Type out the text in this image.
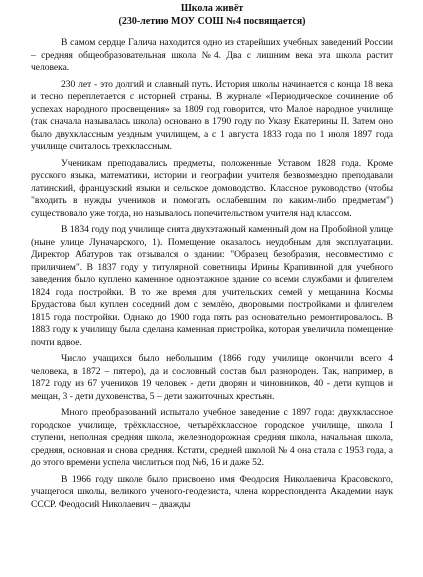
Школа живёт
(230-летию МОУ СОШ №4 посвящается)

В самом сердце Галича находится одно из старейших учебных заведений России – средняя общеобразовательная школа №4. Два с лишним века эта школа растит человека.

230 лет - это долгий и славный путь. История школы начинается с конца 18 века и тесно переплетается с историей страны. В журнале «Периодическое сочинение об успехах народного просвещения» за 1809 год говорится, что Малое народное училище (так сначала называлась школа) основано в 1790 году по Указу Екатерины II. Затем оно было двухклассным уездным училищем, а с 1 августа 1833 года по 1 июля 1897 года училище считалось трехклассным.

Ученикам преподавались предметы, положенные Уставом 1828 года. Кроме русского языка, математики, истории и географии учителя безвозмездно преподавали латинский, французский языки и сельское домоводство. Классное руководство (чтобы "входить в нужды учеников и помогать ослабевшим по каким-либо предметам") существовало уже тогда, но называлось попечительством учителя над классом.

В 1834 году под училище снята двухэтажный каменный дом на Пробойной улице (ныне улице Луначарского, 1). Помещение оказалось неудобным для эксплуатации. Директор Абатуров так отзывался о здании: "Образец безобразия, несовместимо с приличием". В 1837 году у титулярной советницы Ирины Крапивиной для учебного заведения было куплено каменное одноэтажное здание со всеми службами и флигелем 1824 года постройки. В то же время для учительских семей у мещанина Космы Брудастова был куплен соседний дом с землёю, дворовыми постройками и флигелем 1815 года постройки. Однако до 1900 года пять раз основательно ремонтировалось. В 1883 году к училищу была сделана каменная пристройка, которая увеличила помещение почти вдвое.

Число учащихся было небольшим (1866 году училище окончили всего 4 человека, в 1872 – пятеро), да и сословный состав был разнороден. Так, например, в 1872 году из 67 учеников 19 человек - дети дворян и чиновников, 40 - дети купцов и мещан, 3 - дети духовенства, 5 – дети зажиточных крестьян.

Много преобразований испытало учебное заведение с 1897 года: двухклассное городское училище, трёхклассное, четырёхклассное городское училище, школа I ступени, неполная средняя школа, железнодорожная средняя школа, начальная школа, средняя, основная и снова средняя. Кстати, средней школой № 4 она стала с 1953 года, а до этого времени успела числиться под №6, 16 и даже 52.

В 1966 году школе было присвоено имя Феодосия Николаевича Красовского, учащегося школы, великого ученого-геодезиста, члена корреспондента Академии наук СССР. Феодосий Николаевич – дважды
